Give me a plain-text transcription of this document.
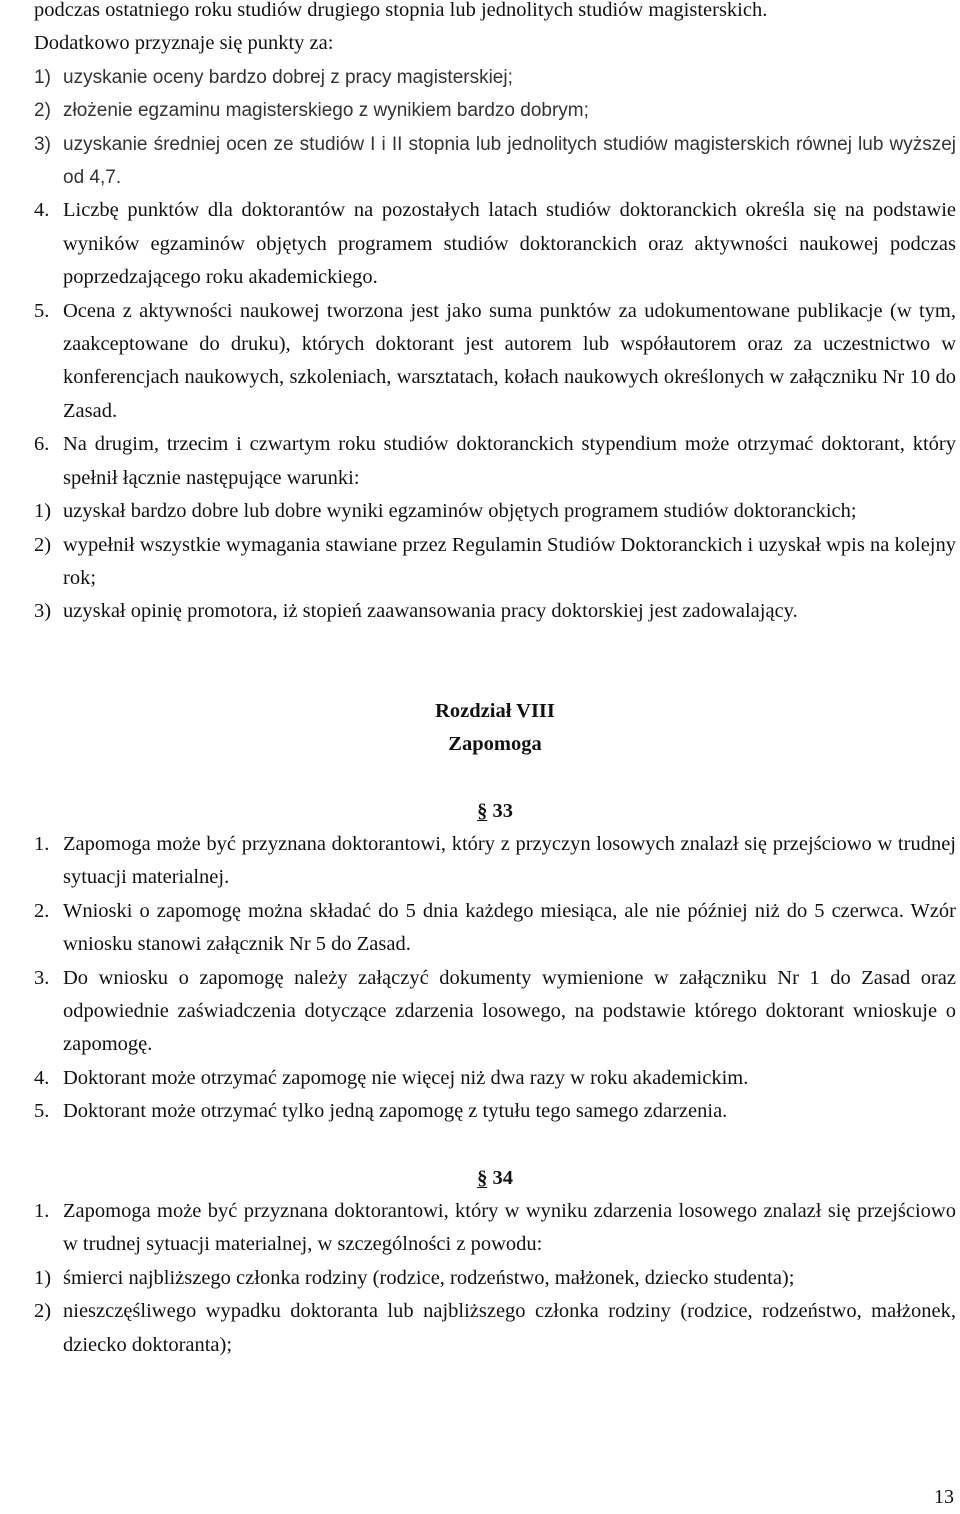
podczas ostatniego roku studiów drugiego stopnia lub jednolitych studiów magisterskich.

Dodatkowo przyznaje się punkty za:

1) uzyskanie oceny bardzo dobrej z pracy magisterskiej;
2) złożenie egzaminu magisterskiego z wynikiem bardzo dobrym;
3) uzyskanie średniej ocen ze studiów I i II stopnia lub jednolitych studiów magisterskich równej lub wyższej od 4,7.
4. Liczbę punktów dla doktorantów na pozostałych latach studiów doktoranckich określa się na podstawie wyników egzaminów objętych programem studiów doktoranckich oraz aktywności naukowej podczas poprzedzającego roku akademickiego.
5. Ocena z aktywności naukowej tworzona jest jako suma punktów za udokumentowane publikacje (w tym, zaakceptowane do druku), których doktorant jest autorem lub współautorem oraz za uczestnictwo w konferencjach naukowych, szkoleniach, warsztatach, kołach naukowych określonych w załączniku Nr 10 do Zasad.
6. Na drugim, trzecim i czwartym roku studiów doktoranckich stypendium może otrzymać doktorant, który spełnił łącznie następujące warunki:
1) uzyskał bardzo dobre lub dobre wyniki egzaminów objętych programem studiów doktoranckich;
2) wypełnił wszystkie wymagania stawiane przez Regulamin Studiów Doktoranckich i uzyskał wpis na kolejny rok;
3) uzyskał opinię promotora, iż stopień zaawansowania pracy doktorskiej jest zadowalający.

Rozdział VIII

Zapomoga

§ 33

1. Zapomoga może być przyznana doktorantowi, który z przyczyn losowych znalazł się przejściowo w trudnej sytuacji materialnej.
2. Wnioski o zapomogę można składać do 5 dnia każdego miesiąca, ale nie później niż do 5 czerwca. Wzór wniosku stanowi załącznik Nr 5 do Zasad.
3. Do wniosku o zapomogę należy załączyć dokumenty wymienione w załączniku Nr 1 do Zasad oraz odpowiednie zaświadczenia dotyczące zdarzenia losowego, na podstawie którego doktorant wnioskuje o zapomogę.
4. Doktorant może otrzymać zapomogę nie więcej niż dwa razy w roku akademickim.
5. Doktorant może otrzymać tylko jedną zapomogę z tytułu tego samego zdarzenia.

§ 34

1. Zapomoga może być przyznana doktorantowi, który w wyniku zdarzenia losowego znalazł się przejściowo w trudnej sytuacji materialnej, w szczególności z powodu:
1) śmierci najbliższego członka rodziny (rodzice, rodzeństwo, małżonek, dziecko studenta);
2) nieszczęśliwego wypadku doktoranta lub najbliższego członka rodziny (rodzice, rodzeństwo, małżonek, dziecko doktoranta);
13
